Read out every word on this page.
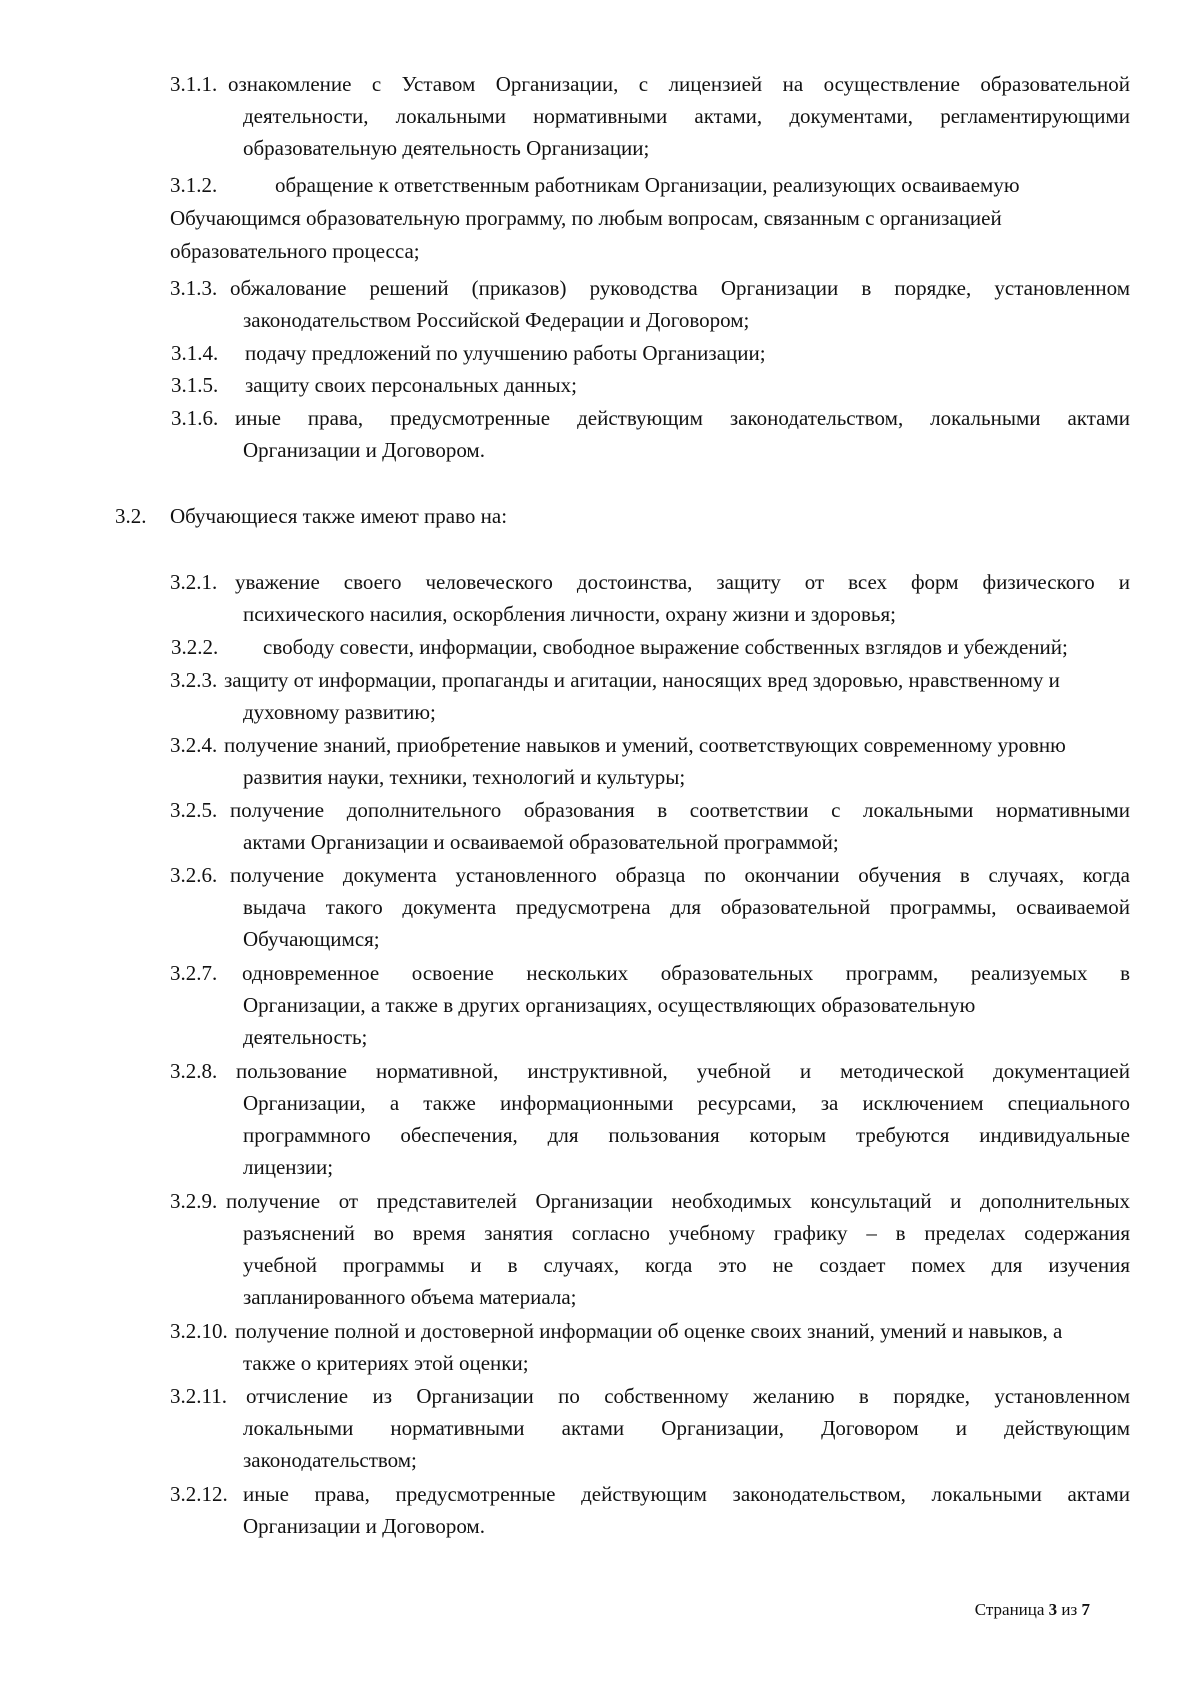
3.1.1. ознакомление с Уставом Организации, с лицензией на осуществление образовательной
деятельности, локальными нормативными актами, документами, регламентирующими
образовательную деятельность Организации;
3.1.2.	обращение к ответственным работникам Организации, реализующих осваиваемую
Обучающимся образовательную программу, по любым вопросам, связанным с организацией
образовательного процесса;
3.1.3. обжалование решений (приказов) руководства Организации в порядке, установленном
законодательством Российской Федерации и Договором;
3.1.4. подачу предложений по улучшению работы Организации;
3.1.5. защиту своих персональных данных;
3.1.6. иные права, предусмотренные действующим законодательством, локальными актами
Организации и Договором.
3.2. Обучающиеся также имеют право на:
3.2.1. уважение своего человеческого достоинства, защиту от всех форм физического и
психического насилия, оскорбления личности, охрану жизни и здоровья;
3.2.2. свободу совести, информации, свободное выражение собственных взглядов и убеждений;
3.2.3. защиту от информации, пропаганды и агитации, наносящих вред здоровью, нравственному и
духовному развитию;
3.2.4. получение знаний, приобретение навыков и умений, соответствующих современному уровню
развития науки, техники, технологий и культуры;
3.2.5. получение дополнительного образования в соответствии с локальными нормативными
актами Организации и осваиваемой образовательной программой;
3.2.6. получение документа установленного образца по окончании обучения в случаях, когда
выдача такого документа предусмотрена для образовательной программы, осваиваемой
Обучающимся;
3.2.7. одновременное освоение нескольких образовательных программ, реализуемых в
Организации, а также в других организациях, осуществляющих образовательную
деятельность;
3.2.8. пользование нормативной, инструктивной, учебной и методической документацией
Организации, а также информационными ресурсами, за исключением специального
программного обеспечения, для пользования которым требуются индивидуальные
лицензии;
3.2.9. получение от представителей Организации необходимых консультаций и дополнительных
разъяснений во время занятия согласно учебному графику – в пределах содержания
учебной программы и в случаях, когда это не создает помех для изучения
запланированного объема материала;
3.2.10. получение полной и достоверной информации об оценке своих знаний, умений и навыков, а
также о критериях этой оценки;
3.2.11. отчисление из Организации по собственному желанию в порядке, установленном
локальными нормативными актами Организации, Договором и действующим
законодательством;
3.2.12. иные права, предусмотренные действующим законодательством, локальными актами
Организации и Договором.
Страница 3 из 7
